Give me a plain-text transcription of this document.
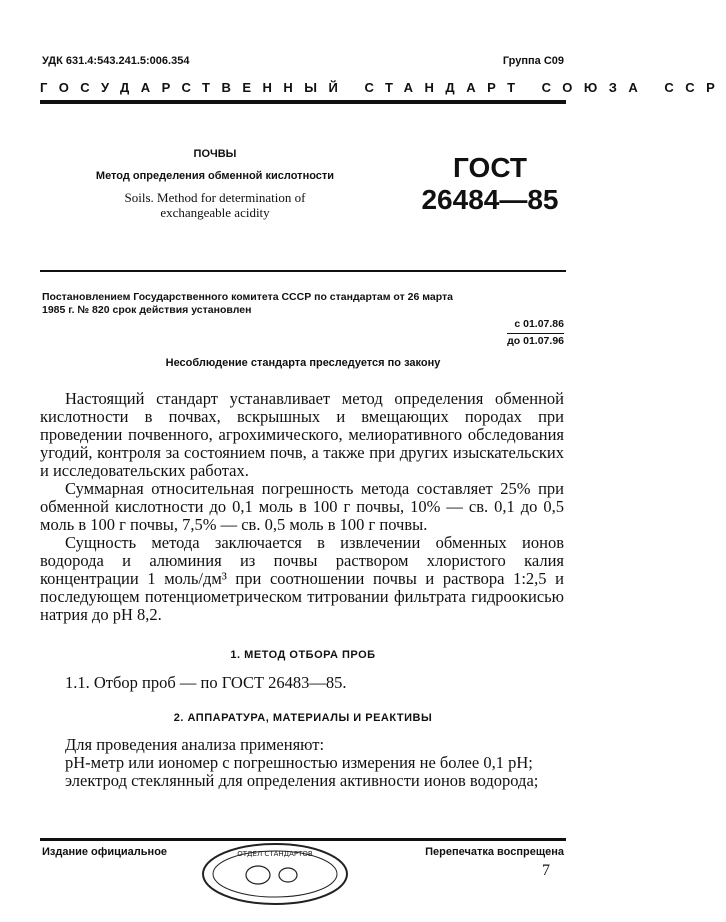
УДК 631.4:543.241.5:006.354	Группа С09
ГОСУДАРСТВЕННЫЙ СТАНДАРТ СОЮЗА ССР
ПОЧВЫ
Метод определения обменной кислотности
Soils. Method for determination of
exchangeable acidity
ГОСТ
26484—85
Постановлением Государственного комитета СССР по стандартам от 26 марта
1985 г. № 820 срок действия установлен
с 01.07.86
до 01.07.96
Несоблюдение стандарта преследуется по закону

Настоящий стандарт устанавливает метод определения обменной кислотности в почвах, вскрышных и вмещающих породах при проведении почвенного, агрохимического, мелиоративного обследования угодий, контроля за состоянием почв, а также при других изыскательских и исследовательских работах.

Суммарная относительная погрешность метода составляет 25% при обменной кислотности до 0,1 моль в 100 г почвы, 10% — св. 0,1 до 0,5 моль в 100 г почвы, 7,5% — св. 0,5 моль в 100 г почвы.

Сущность метода заключается в извлечении обменных ионов водорода и алюминия из почвы раствором хлористого калия концентрации 1 моль/дм³ при соотношении почвы и раствора 1:2,5 и последующем потенциометрическом титровании фильтрата гидроокисью натрия до pH 8,2.

1. МЕТОД ОТБОРА ПРОБ
1.1. Отбор проб — по ГОСТ 26483—85.
2. АППАРАТУРА, МАТЕРИАЛЫ И РЕАКТИВЫ

Для проведения анализа применяют:

pH-метр или иономер с погрешностью измерения не более 0,1 pH;

электрод стеклянный для определения активности ионов водорода;

Издание официальное	Перепечатка воспрещена
7
ОТДЕЛ СТАНДАРТОВ
